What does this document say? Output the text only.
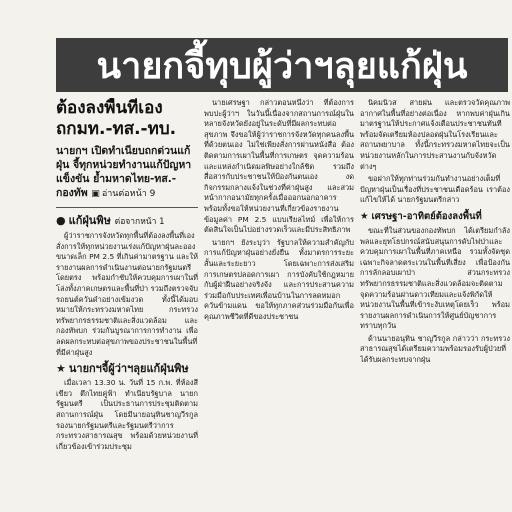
นายกจี้ทุบผู้ว่าฯลุยแก้ฝุ่น
ต้องลงพื้นที่เอง ถกมท.-ทส.-ทบ.
นายกฯ เปิดทำเนียบถกด่วนแก้ฝุ่น จี้ทุกหน่วยทำงานแก้ปัญหาแข็งขัน ย้ำมหาดไทย-ทส.-กองทัพ ▣ อ่านต่อหน้า 9
● แก้ฝุ่นพิษ ต่อจากหน้า 1

ผู้ว่าราชการจังหวัดทุกพื้นที่ต้องลงพื้นที่เอง สั่งการให้ทุกหน่วยงานเร่งแก้ปัญหาฝุ่นละอองขนาดเล็ก PM 2.5 ที่เกินค่ามาตรฐาน และให้รายงานผลการดำเนินงานต่อนายกรัฐมนตรีโดยตรง พร้อมกำชับให้ควบคุมการเผาในที่โล่งทั้งภาคเกษตรและพื้นที่ป่า รวมถึงตรวจจับรถยนต์ควันดำอย่างเข้มงวด ทั้งนี้ได้มอบหมายให้กระทรวงมหาดไทย กระทรวงทรัพยากรธรรมชาติและสิ่งแวดล้อม และกองทัพบก ร่วมกันบูรณาการการทำงาน เพื่อลดผลกระทบต่อสุขภาพของประชาชนในพื้นที่ที่มีค่าฝุ่นสูง

★ นายกฯจี้ผู้ว่าฯลุยแก้ฝุ่นพิษ

เมื่อเวลา 13.30 น. วันที่ 15 ก.พ. ที่ห้องสีเขียว ตึกไทยคู่ฟ้า ทำเนียบรัฐบาล นายกรัฐมนตรี เป็นประธานการประชุมติดตามสถานการณ์ฝุ่น โดยมีนายอนุทินชาญวีรกูล รองนายกรัฐมนตรีและรัฐมนตรีว่าการกระทรวงสาธารณสุข พร้อมด้วยหน่วยงานที่เกี่ยวข้องเข้าร่วมประชุม

นายเศรษฐา กล่าวตอนหนึ่งว่า ที่ต้องการพบปะผู้ว่าฯ ในวันนี้เนื่องจากสถานการณ์ฝุ่นในหลายจังหวัดยังอยู่ในระดับที่มีผลกระทบต่อสุขภาพ จึงขอให้ผู้ว่าราชการจังหวัดทุกคนลงพื้นที่ด้วยตนเอง ไม่ใช่เพียงสั่งการผ่านหนังสือ ต้องติดตามการเผาในพื้นที่การเกษตร จุดความร้อน และแหล่งกำเนิดมลพิษอย่างใกล้ชิด รวมถึงสื่อสารกับประชาชนให้ป้องกันตนเอง งดกิจกรรมกลางแจ้งในช่วงที่ค่าฝุ่นสูง และสวมหน้ากากอนามัยทุกครั้งเมื่อออกนอกอาคาร พร้อมทั้งขอให้หน่วยงานที่เกี่ยวข้องรายงานข้อมูลค่า PM 2.5 แบบเรียลไทม์ เพื่อให้การตัดสินใจเป็นไปอย่างรวดเร็วและมีประสิทธิภาพ

นายกฯ ยังระบุว่า รัฐบาลให้ความสำคัญกับการแก้ปัญหาฝุ่นอย่างยั่งยืน ทั้งมาตรการระยะสั้นและระยะยาว โดยเฉพาะการส่งเสริมการเกษตรปลอดการเผา การบังคับใช้กฎหมายกับผู้ฝ่าฝืนอย่างจริงจัง และการประสานความร่วมมือกับประเทศเพื่อนบ้านในการลดหมอกควันข้ามแดน ขอให้ทุกภาคส่วนร่วมมือกันเพื่อคุณภาพชีวิตที่ดีของประชาชน

นิคมนิวส สายฝน และตรวจวัดคุณภาพอากาศในพื้นที่อย่างต่อเนื่อง หากพบค่าฝุ่นเกินมาตรฐานให้ประกาศแจ้งเตือนประชาชนทันที พร้อมจัดเตรียมห้องปลอดฝุ่นในโรงเรียนและสถานพยาบาล ทั้งนี้กระทรวงมหาดไทยจะเป็นหน่วยงานหลักในการประสานงานกับจังหวัดต่างๆ

ขอฝากให้ทุกท่านร่วมกันทำงานอย่างเต็มที่ ปัญหาฝุ่นเป็นเรื่องที่ประชาชนเดือดร้อน เราต้องแก้ไขให้ได้ นายกรัฐมนตรีกล่าว

★ เศรษฐา-อาทิตย์ต้องลงพื้นที่

ขณะที่ในส่วนของกองทัพบก ได้เตรียมกำลังพลและยุทโธปกรณ์สนับสนุนการดับไฟป่าและควบคุมการเผาในพื้นที่ภาคเหนือ รวมทั้งจัดชุดเฉพาะกิจลาดตระเวนในพื้นที่เสี่ยง เพื่อป้องกันการลักลอบเผาป่า ส่วนกระทรวงทรัพยากรธรรมชาติและสิ่งแวดล้อมจะติดตามจุดความร้อนผ่านดาวเทียมและแจ้งพิกัดให้หน่วยงานในพื้นที่เข้าระงับเหตุโดยเร็ว พร้อมรายงานผลการดำเนินการให้ศูนย์บัญชาการทราบทุกวัน

ด้านนายอนุทิน ชาญวีรกูล กล่าวว่า กระทรวงสาธารณสุขได้เตรียมความพร้อมรองรับผู้ป่วยที่ได้รับผลกระทบจากฝุ่น
